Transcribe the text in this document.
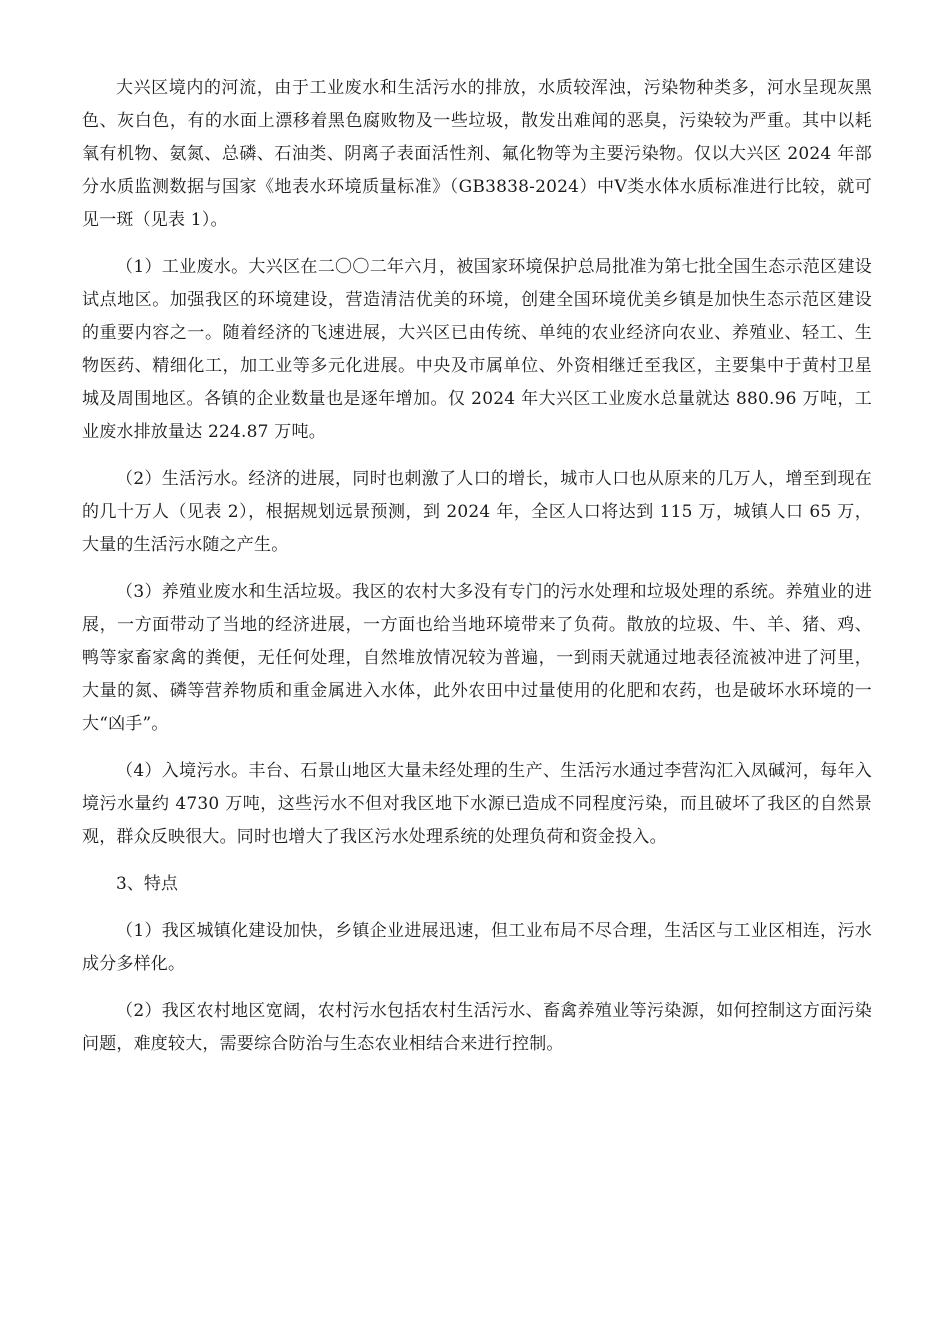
大兴区境内的河流，由于工业废水和生活污水的排放，水质较浑浊，污染物种类多，河水呈现灰黑色、灰白色，有的水面上漂移着黑色腐败物及一些垃圾，散发出难闻的恶臭，污染较为严重。其中以耗氧有机物、氨氮、总磷、石油类、阴离子表面活性剂、氟化物等为主要污染物。仅以大兴区 2024 年部分水质监测数据与国家《地表水环境质量标准》（GB3838-2024）中Ⅴ类水体水质标准进行比较，就可见一斑（见表 1）。

（1）工业废水。大兴区在二〇〇二年六月，被国家环境保护总局批准为第七批全国生态示范区建设试点地区。加强我区的环境建设，营造清洁优美的环境，创建全国环境优美乡镇是加快生态示范区建设的重要内容之一。随着经济的飞速进展，大兴区已由传统、单纯的农业经济向农业、养殖业、轻工、生物医药、精细化工，加工业等多元化进展。中央及市属单位、外资相继迁至我区，主要集中于黄村卫星城及周围地区。各镇的企业数量也是逐年增加。仅 2024 年大兴区工业废水总量就达 880.96 万吨，工业废水排放量达 224.87 万吨。

（2）生活污水。经济的进展，同时也刺激了人口的增长，城市人口也从原来的几万人，增至到现在的几十万人（见表 2），根据规划远景预测，到 2024 年，全区人口将达到 115 万，城镇人口 65 万，大量的生活污水随之产生。

（3）养殖业废水和生活垃圾。我区的农村大多没有专门的污水处理和垃圾处理的系统。养殖业的进展，一方面带动了当地的经济进展，一方面也给当地环境带来了负荷。散放的垃圾、牛、羊、猪、鸡、鸭等家畜家禽的粪便，无任何处理，自然堆放情况较为普遍，一到雨天就通过地表径流被冲进了河里，大量的氮、磷等营养物质和重金属进入水体，此外农田中过量使用的化肥和农药，也是破坏水环境的一大“凶手”。

（4）入境污水。丰台、石景山地区大量未经处理的生产、生活污水通过李营沟汇入凤碱河，每年入境污水量约 4730 万吨，这些污水不但对我区地下水源已造成不同程度污染，而且破坏了我区的自然景观，群众反映很大。同时也增大了我区污水处理系统的处理负荷和资金投入。

3、特点

（1）我区城镇化建设加快，乡镇企业进展迅速，但工业布局不尽合理，生活区与工业区相连，污水成分多样化。

（2）我区农村地区宽阔，农村污水包括农村生活污水、畜禽养殖业等污染源，如何控制这方面污染问题，难度较大，需要综合防治与生态农业相结合来进行控制。
